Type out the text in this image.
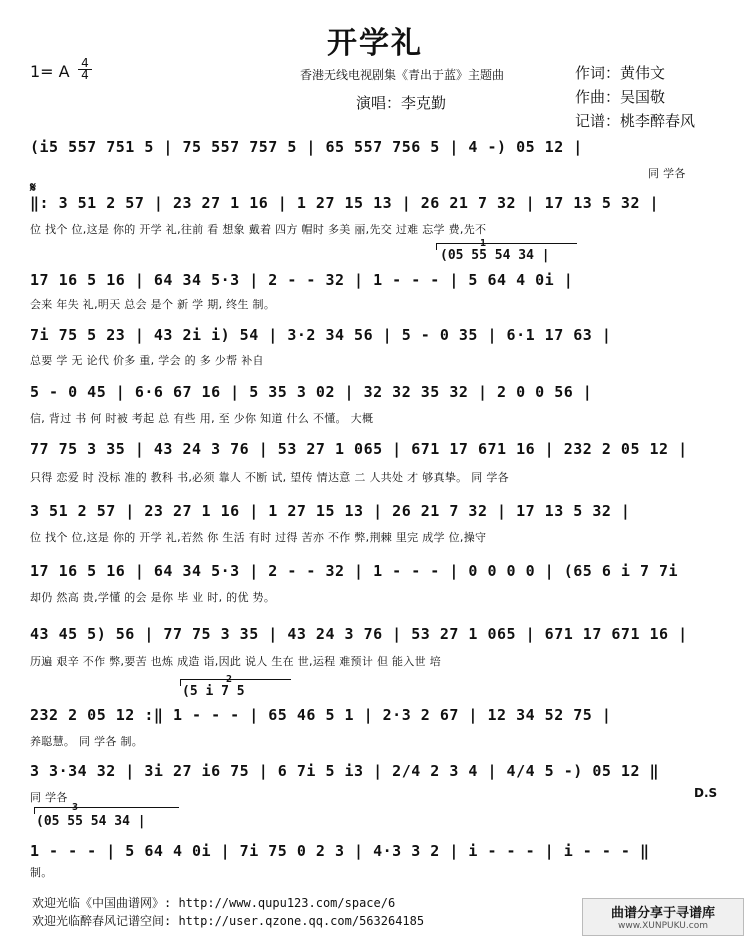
开学礼
1= A 4
4	香港无线电视剧集《青出于蓝》主题曲
演唱：李克勤
作词：黄伟文
作曲：吴国敬
记谱：桃李醉春风
𝄋
1
(05 55 54 34 |
2
(5 i 7 5
3
(05 55 54 34 |
(i5 557 751 5 | 75 557 757 5 | 65 557 756 5 | 4 -) 05 12 |
同 学各
‖: 3 51 2 57 | 23 27 1 16 | 1 27 15 13 | 26 21 7 32 | 17 13 5 32 |
位 找个 位,这是 你的 开学 礼,往前 看 想象 戴着 四方 帽时 多美 丽,先交 过难 忘学 费,先不
17 16 5 16 | 64 34 5·3 | 2 - - 32 | 1 - - - | 5 64 4 0i |
会来 年失 礼,明天 总会 是个 新 学 期, 终生 制。
7i 75 5 23 | 43 2i i) 54 | 3·2 34 56 | 5 - 0 35 | 6·1 17 63 |
总要 学 无 论代 价多 重, 学会 的 多 少帮 补自
5 - 0 45 | 6·6 67 16 | 5 35 3 02 | 32 32 35 32 | 2 0 0 56 |
信, 背过 书 何 时被 考起 总 有些 用, 至 少你 知道 什么 不懂。 大概
77 75 3 35 | 43 24 3 76 | 53 27 1 065 | 671 17 671 16 | 232 2 05 12 |
只得 恋爱 时 没标 准的 教科 书,必须 靠人 不断 试, 望传 情达意 二 人共处 才 够真挚。 同 学各
3 51 2 57 | 23 27 1 16 | 1 27 15 13 | 26 21 7 32 | 17 13 5 32 |
位 找个 位,这是 你的 开学 礼,若然 你 生活 有时 过得 苦亦 不作 弊,荆棘 里完 成学 位,操守
17 16 5 16 | 64 34 5·3 | 2 - - 32 | 1 - - - | 0 0 0 0 | (65 6 i 7 7i
却仍 然高 贵,学懂 的会 是你 毕 业 时, 的优 势。
43 45 5) 56 | 77 75 3 35 | 43 24 3 76 | 53 27 1 065 | 671 17 671 16 |
历遍 艰辛 不作 弊,要苦 也炼 成造 诣,因此 说人 生在 世,运程 难预计 但 能入世 培
232 2 05 12 :‖ 1 - - - | 65 46 5 1 | 2·3 2 67 | 12 34 52 75 |
养聪慧。 同 学各 制。
3 3·34 32 | 3i 27 i6 75 | 6 7i 5 i3 | 2/4 2 3 4 | 4/4 5 -) 05 12 ‖
同 学各	D.S
1 - - - | 5 64 4 0i | 7i 75 0 2 3 | 4·3 3 2 | i - - - | i - - - ‖
制。
欢迎光临《中国曲谱网》: http://www.qupu123.com/space/6
欢迎光临醉春风记谱空间: http://user.qzone.qq.com/563264185	曲谱分享于寻谱库
www.XUNPUKU.com
